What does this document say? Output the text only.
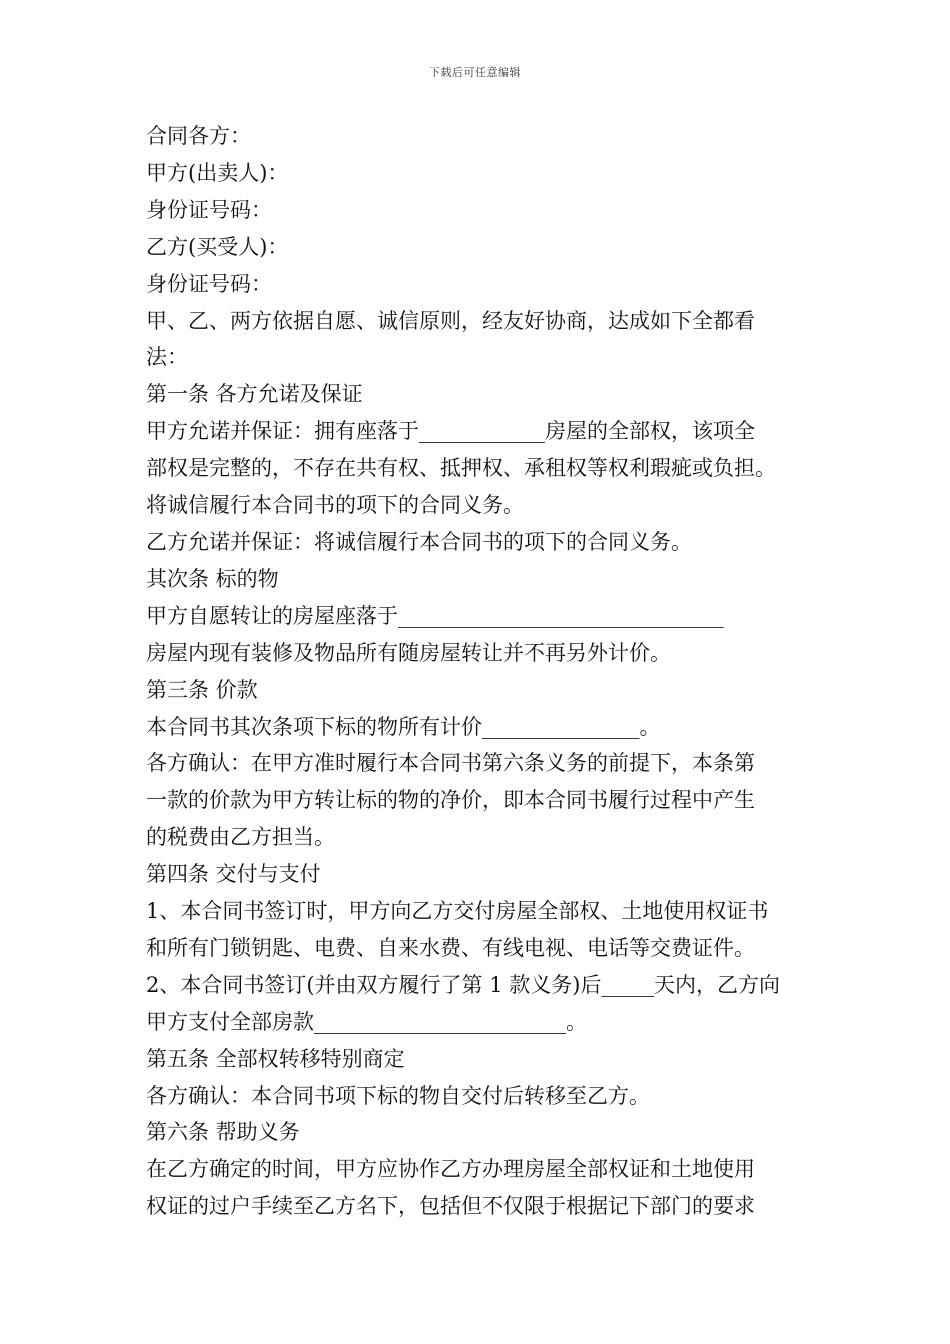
下载后可任意编辑
合同各方：
甲方(出卖人)：
身份证号码：
乙方(买受人)：
身份证号码：
甲、乙、两方依据自愿、诚信原则，经友好协商，达成如下全都看
法：
第一条 各方允诺及保证
甲方允诺并保证：拥有座落于____________房屋的全部权，该项全
部权是完整的，不存在共有权、抵押权、承租权等权利瑕疵或负担。
将诚信履行本合同书的项下的合同义务。
乙方允诺并保证：将诚信履行本合同书的项下的合同义务。
其次条 标的物
甲方自愿转让的房屋座落于_______________________________
房屋内现有装修及物品所有随房屋转让并不再另外计价。
第三条 价款
本合同书其次条项下标的物所有计价_______________。
各方确认：在甲方准时履行本合同书第六条义务的前提下，本条第
一款的价款为甲方转让标的物的净价，即本合同书履行过程中产生
的税费由乙方担当。
第四条 交付与支付
1、本合同书签订时，甲方向乙方交付房屋全部权、土地使用权证书
和所有门锁钥匙、电费、自来水费、有线电视、电话等交费证件。
2、本合同书签订(并由双方履行了第 1 款义务)后_____天内，乙方向
甲方支付全部房款________________________。
第五条 全部权转移特别商定
各方确认：本合同书项下标的物自交付后转移至乙方。
第六条 帮助义务
在乙方确定的时间，甲方应协作乙方办理房屋全部权证和土地使用
权证的过户手续至乙方名下，包括但不仅限于根据记下部门的要求
